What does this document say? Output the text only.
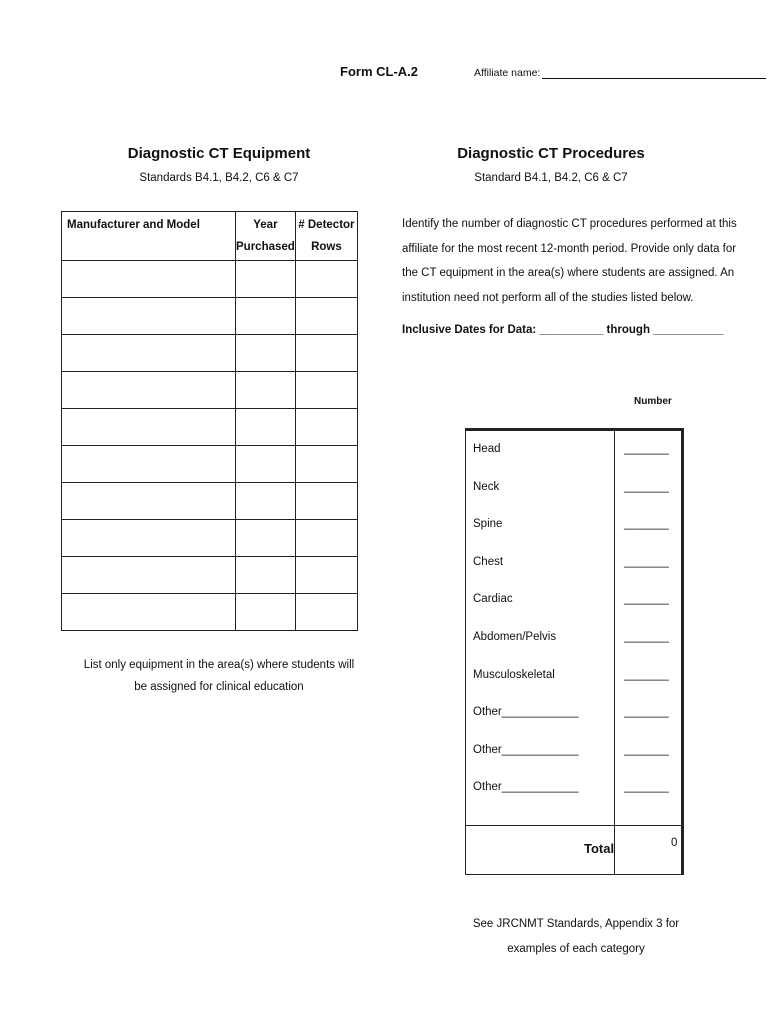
Form CL-A.2	Affiliate name:
Diagnostic CT Equipment
Standards B4.1, B4.2, C6 & C7
Manufacturer and Model	Year Purchased	# Detector Rows

List only equipment in the area(s) where students will be assigned for clinical education
Diagnostic CT Procedures
Standard B4.1, B4.2, C6 & C7
Identify the number of diagnostic CT procedures performed at this affiliate for the most recent 12-month period. Provide only data for the CT equipment in the area(s) where students are assigned. An institution need not perform all of the studies listed below.
Inclusive Dates for Data: __________ through ___________
Number
Head	_______
Neck	_______
Spine	_______
Chest	_______
Cardiac	_______
Abdomen/Pelvis	_______
Musculoskeletal	_______
Other____________	_______
Other____________	_______
Other____________	_______
Total	0
See JRCNMT Standards, Appendix 3 for examples of each category
